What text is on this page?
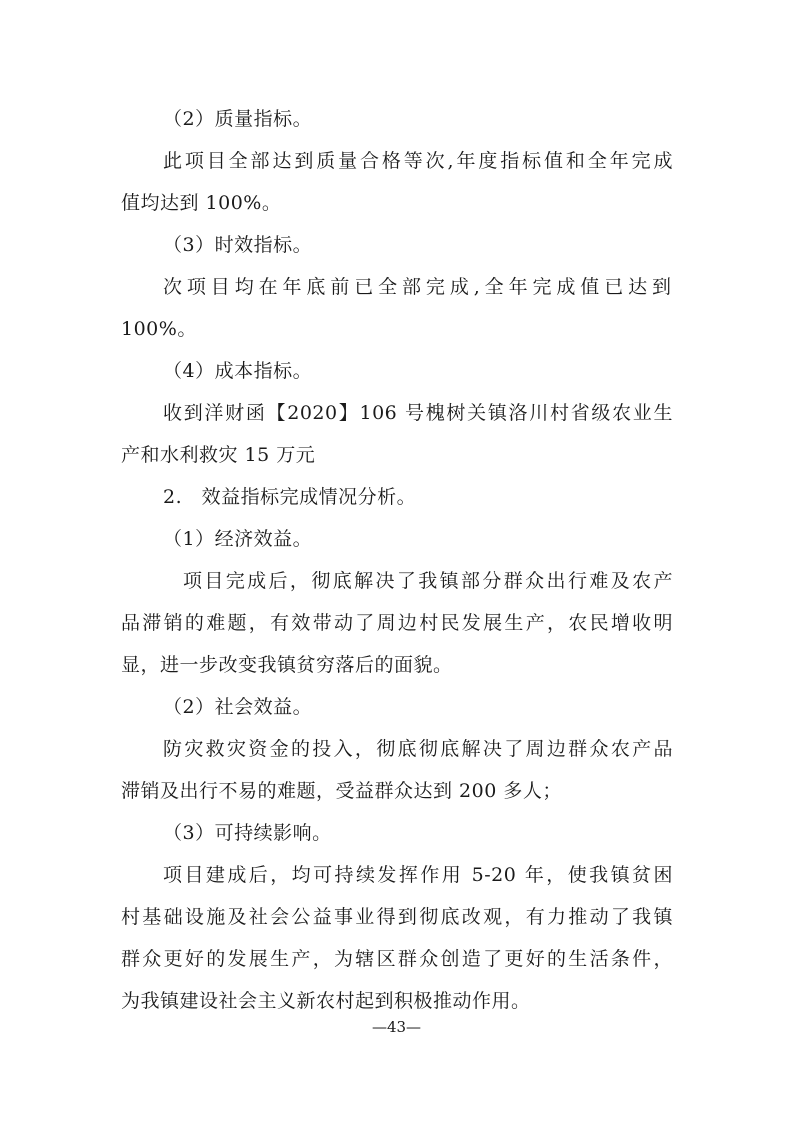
（2）质量指标。
此项目全部达到质量合格等次,年度指标值和全年完成
值均达到 100%。
（3）时效指标。
次项目均在年底前已全部完成,全年完成值已达到
100%。
（4）成本指标。
收到洋财函【2020】106 号槐树关镇洛川村省级农业生
产和水利救灾 15 万元
2.　效益指标完成情况分析。
（1）经济效益。
项目完成后，彻底解决了我镇部分群众出行难及农产
品滞销的难题，有效带动了周边村民发展生产，农民增收明
显，进一步改变我镇贫穷落后的面貌。
（2）社会效益。
防灾救灾资金的投入，彻底彻底解决了周边群众农产品
滞销及出行不易的难题，受益群众达到 200 多人；
（3）可持续影响。
项目建成后，均可持续发挥作用 5-20 年，使我镇贫困
村基础设施及社会公益事业得到彻底改观，有力推动了我镇
群众更好的发展生产，为辖区群众创造了更好的生活条件，
为我镇建设社会主义新农村起到积极推动作用。
—43—
